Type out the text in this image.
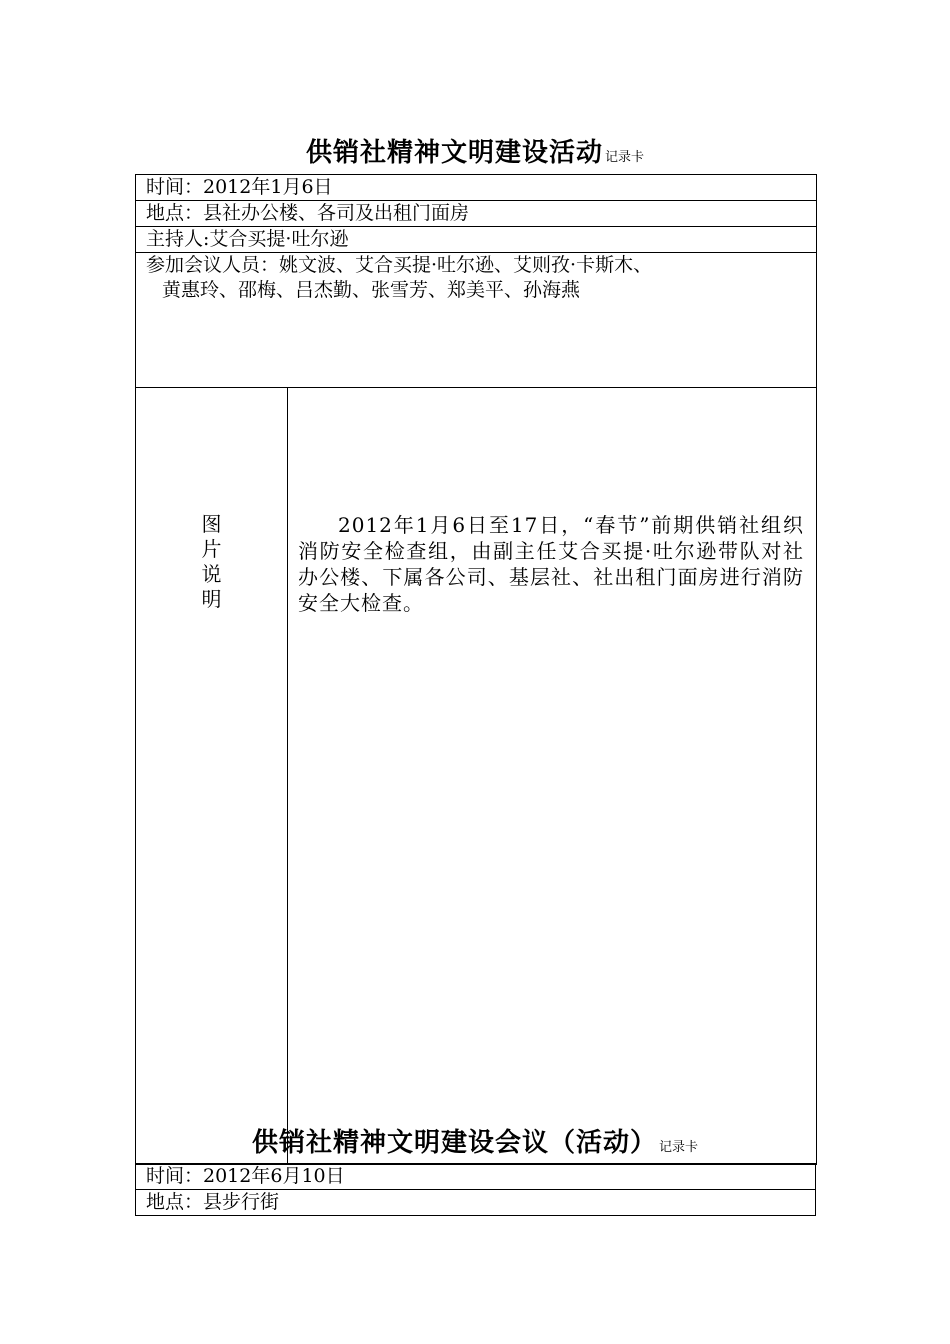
供销社精神文明建设活动 记录卡
时间：2012年1月6日
地点：县社办公楼、各司及出租门面房
主持人:艾合买提·吐尔逊

参加会议人员：姚文波、艾合买提·吐尔逊、艾则孜·卡斯木、
黄惠玲、邵梅、吕杰勤、张雪芳、郑美平、孙海燕

图片说明	
2012年1月6日至17日，“春节”前期供销社组织消防安全检查组，由副主任艾合买提·吐尔逊带队对社办公楼、下属各公司、基层社、社出租门面房进行消防安全大检查。
供销社精神文明建设会议（活动） 记录卡
时间：2012年6月10日
地点：县步行街
